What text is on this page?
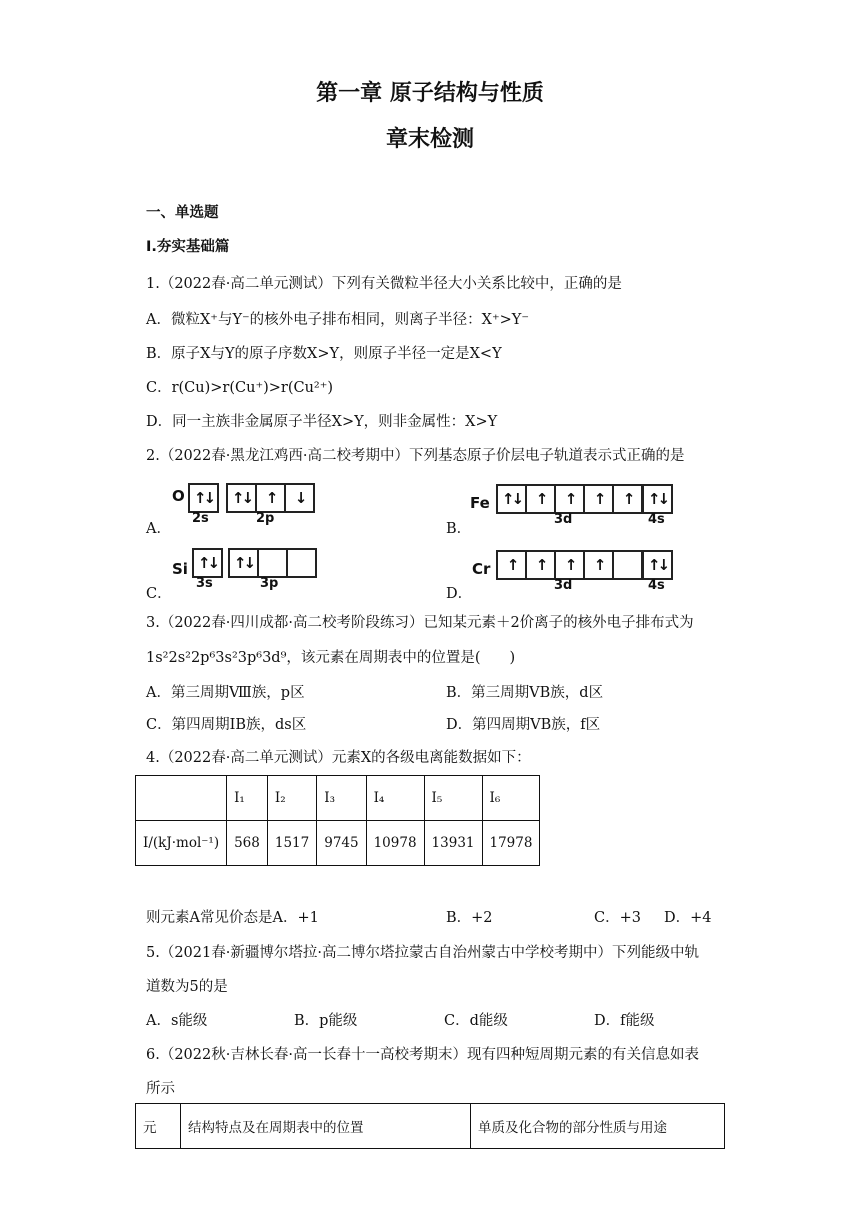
第一章 原子结构与性质
章末检测
一、单选题
Ⅰ.夯实基础篇
1.（2022春·高二单元测试）下列有关微粒半径大小关系比较中，正确的是
A．微粒X⁺与Y⁻的核外电子排布相同，则离子半径：X⁺>Y⁻
B．原子X与Y的原子序数X>Y，则原子半径一定是X<Y
C．r(Cu)>r(Cu⁺)>r(Cu²⁺)
D．同一主族非金属原子半径X>Y，则非金属性：X>Y
2.（2022春·黑龙江鸡西·高二校考期中）下列基态原子价层电子轨道表示式正确的是
A．	B．
C．	D．
O ↑↓
2s
↑↓ ↑	↓
2p
Fe ↑↓ ↑	↑	↑	↑
3d
↑↓
4s
Si ↑↓
3s
↑↓
3p
Cr	↑	↑	↑	↑
3d
↑↓
4s
3.（2022春·四川成都·高二校考阶段练习）已知某元素＋2价离子的核外电子排布式为
1s²2s²2p⁶3s²3p⁶3d⁹，该元素在周期表中的位置是(　　)
A．第三周期Ⅷ族，p区	B．第三周期ⅤB族，d区
C．第四周期ⅠB族，ds区	D．第四周期ⅤB族，f区
4.（2022春·高二单元测试）元素X的各级电离能数据如下：
	I₁	I₂	I₃	I₄	I₅	I₆
I/(kJ·mol⁻¹)	568	1517	9745	10978	13931	17978
则元素A常见价态是A．+1	B．+2	C．+3 D．+4
5.（2021春·新疆博尔塔拉·高二博尔塔拉蒙古自治州蒙古中学校考期中）下列能级中轨
道数为5的是
A．s能级	B．p能级	C．d能级	D．f能级
6.（2022秋·吉林长春·高一长春十一高校考期末）现有四种短周期元素的有关信息如表
所示
元	结构特点及在周期表中的位置	单质及化合物的部分性质与用途
